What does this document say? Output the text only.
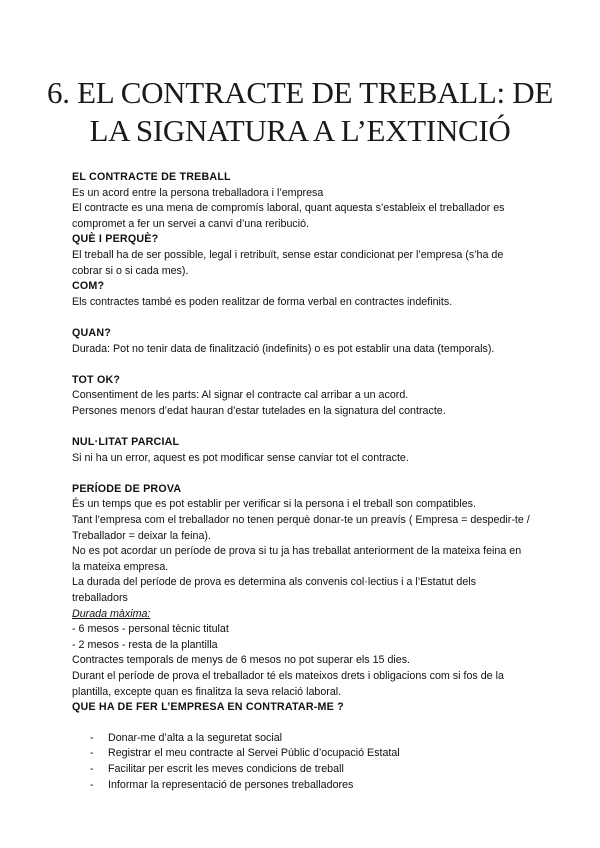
6. EL CONTRACTE DE TREBALL: DE
LA SIGNATURA A L’EXTINCIÓ
EL CONTRACTE DE TREBALL
Es un acord entre la persona treballadora i l’empresa
El contracte es una mena de compromís laboral, quant aquesta s’estableix el treballador es compromet a fer un servei a canvi d’una reribució.
QUÈ I PERQUÈ?
El treball ha de ser possible, legal i retribuït, sense estar condicionat per l’empresa (s’ha de cobrar si o si cada mes).
COM?
Els contractes també es poden realitzar de forma verbal en contractes indefinits.
QUAN?
Durada: Pot no tenir data de finalització (indefinits) o es pot establir una data (temporals).
TOT OK?
Consentiment de les parts: Al signar el contracte cal arribar a un acord.
Persones menors d’edat hauran d’estar tutelades en la signatura del contracte.
NUL·LITAT PARCIAL
Si ni ha un error, aquest es pot modificar sense canviar tot el contracte.
PERÍODE DE PROVA
És un temps que es pot establir per verificar si la persona i el treball son compatibles.
Tant l’empresa com el treballador no tenen perquè donar-te un preavís ( Empresa = despedir-te / Treballador = deixar la feina).
No es pot acordar un període de prova si tu ja has treballat anteriorment de la mateixa feina en la mateixa empresa.
La durada del període de prova es determina als convenis col·lectius i a l’Estatut dels treballadors
Durada màxima:
- 6 mesos - personal tècnic titulat
- 2 mesos - resta de la plantilla
Contractes temporals de menys de 6 mesos no pot superar els 15 dies.
Durant el període de prova el treballador té els mateixos drets i obligacions com si fos de la plantilla, excepte quan es finalitza la seva relació laboral.
QUE HA DE FER L’EMPRESA EN CONTRATAR-ME ?
- Donar-me d’alta a la seguretat social
- Registrar el meu contracte al Servei Públic d’ocupació Estatal
- Facilitar per escrit les meves condicions de treball
- Informar la representació de persones treballadores
